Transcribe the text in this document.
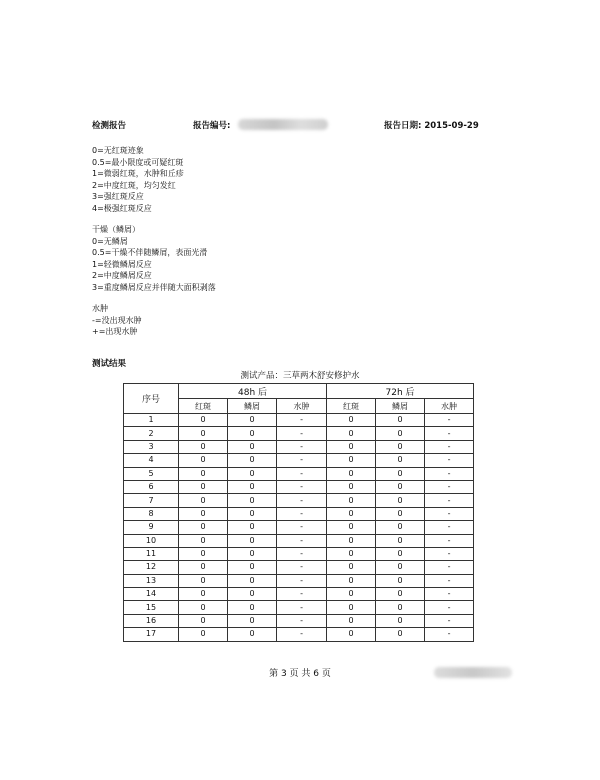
检测报告	报告编号:	报告日期: 2015-09-29
0=无红斑迹象
0.5=最小限度或可疑红斑
1=微弱红斑，水肿和丘疹
2=中度红斑，均匀发红
3=强红斑反应
4=极强红斑反应
干燥（鳞屑）
0=无鳞屑
0.5=干燥不伴随鳞屑，表面光滑
1=轻微鳞屑反应
2=中度鳞屑反应
3=重度鳞屑反应并伴随大面积剥落
水肿
-=没出现水肿
+=出现水肿
测试结果
测试产品：三草两木舒安修护水
序号	48h 后			72h 后		
	红斑	鳞屑	水肿	红斑	鳞屑	水肿
1	0	0	-	0	0	-
2	0	0	-	0	0	-
3	0	0	-	0	0	-
4	0	0	-	0	0	-
5	0	0	-	0	0	-
6	0	0	-	0	0	-
7	0	0	-	0	0	-
8	0	0	-	0	0	-
9	0	0	-	0	0	-
10	0	0	-	0	0	-
11	0	0	-	0	0	-
12	0	0	-	0	0	-
13	0	0	-	0	0	-
14	0	0	-	0	0	-
15	0	0	-	0	0	-
16	0	0	-	0	0	-
17	0	0	-	0	0	-
第 3 页 共 6 页
